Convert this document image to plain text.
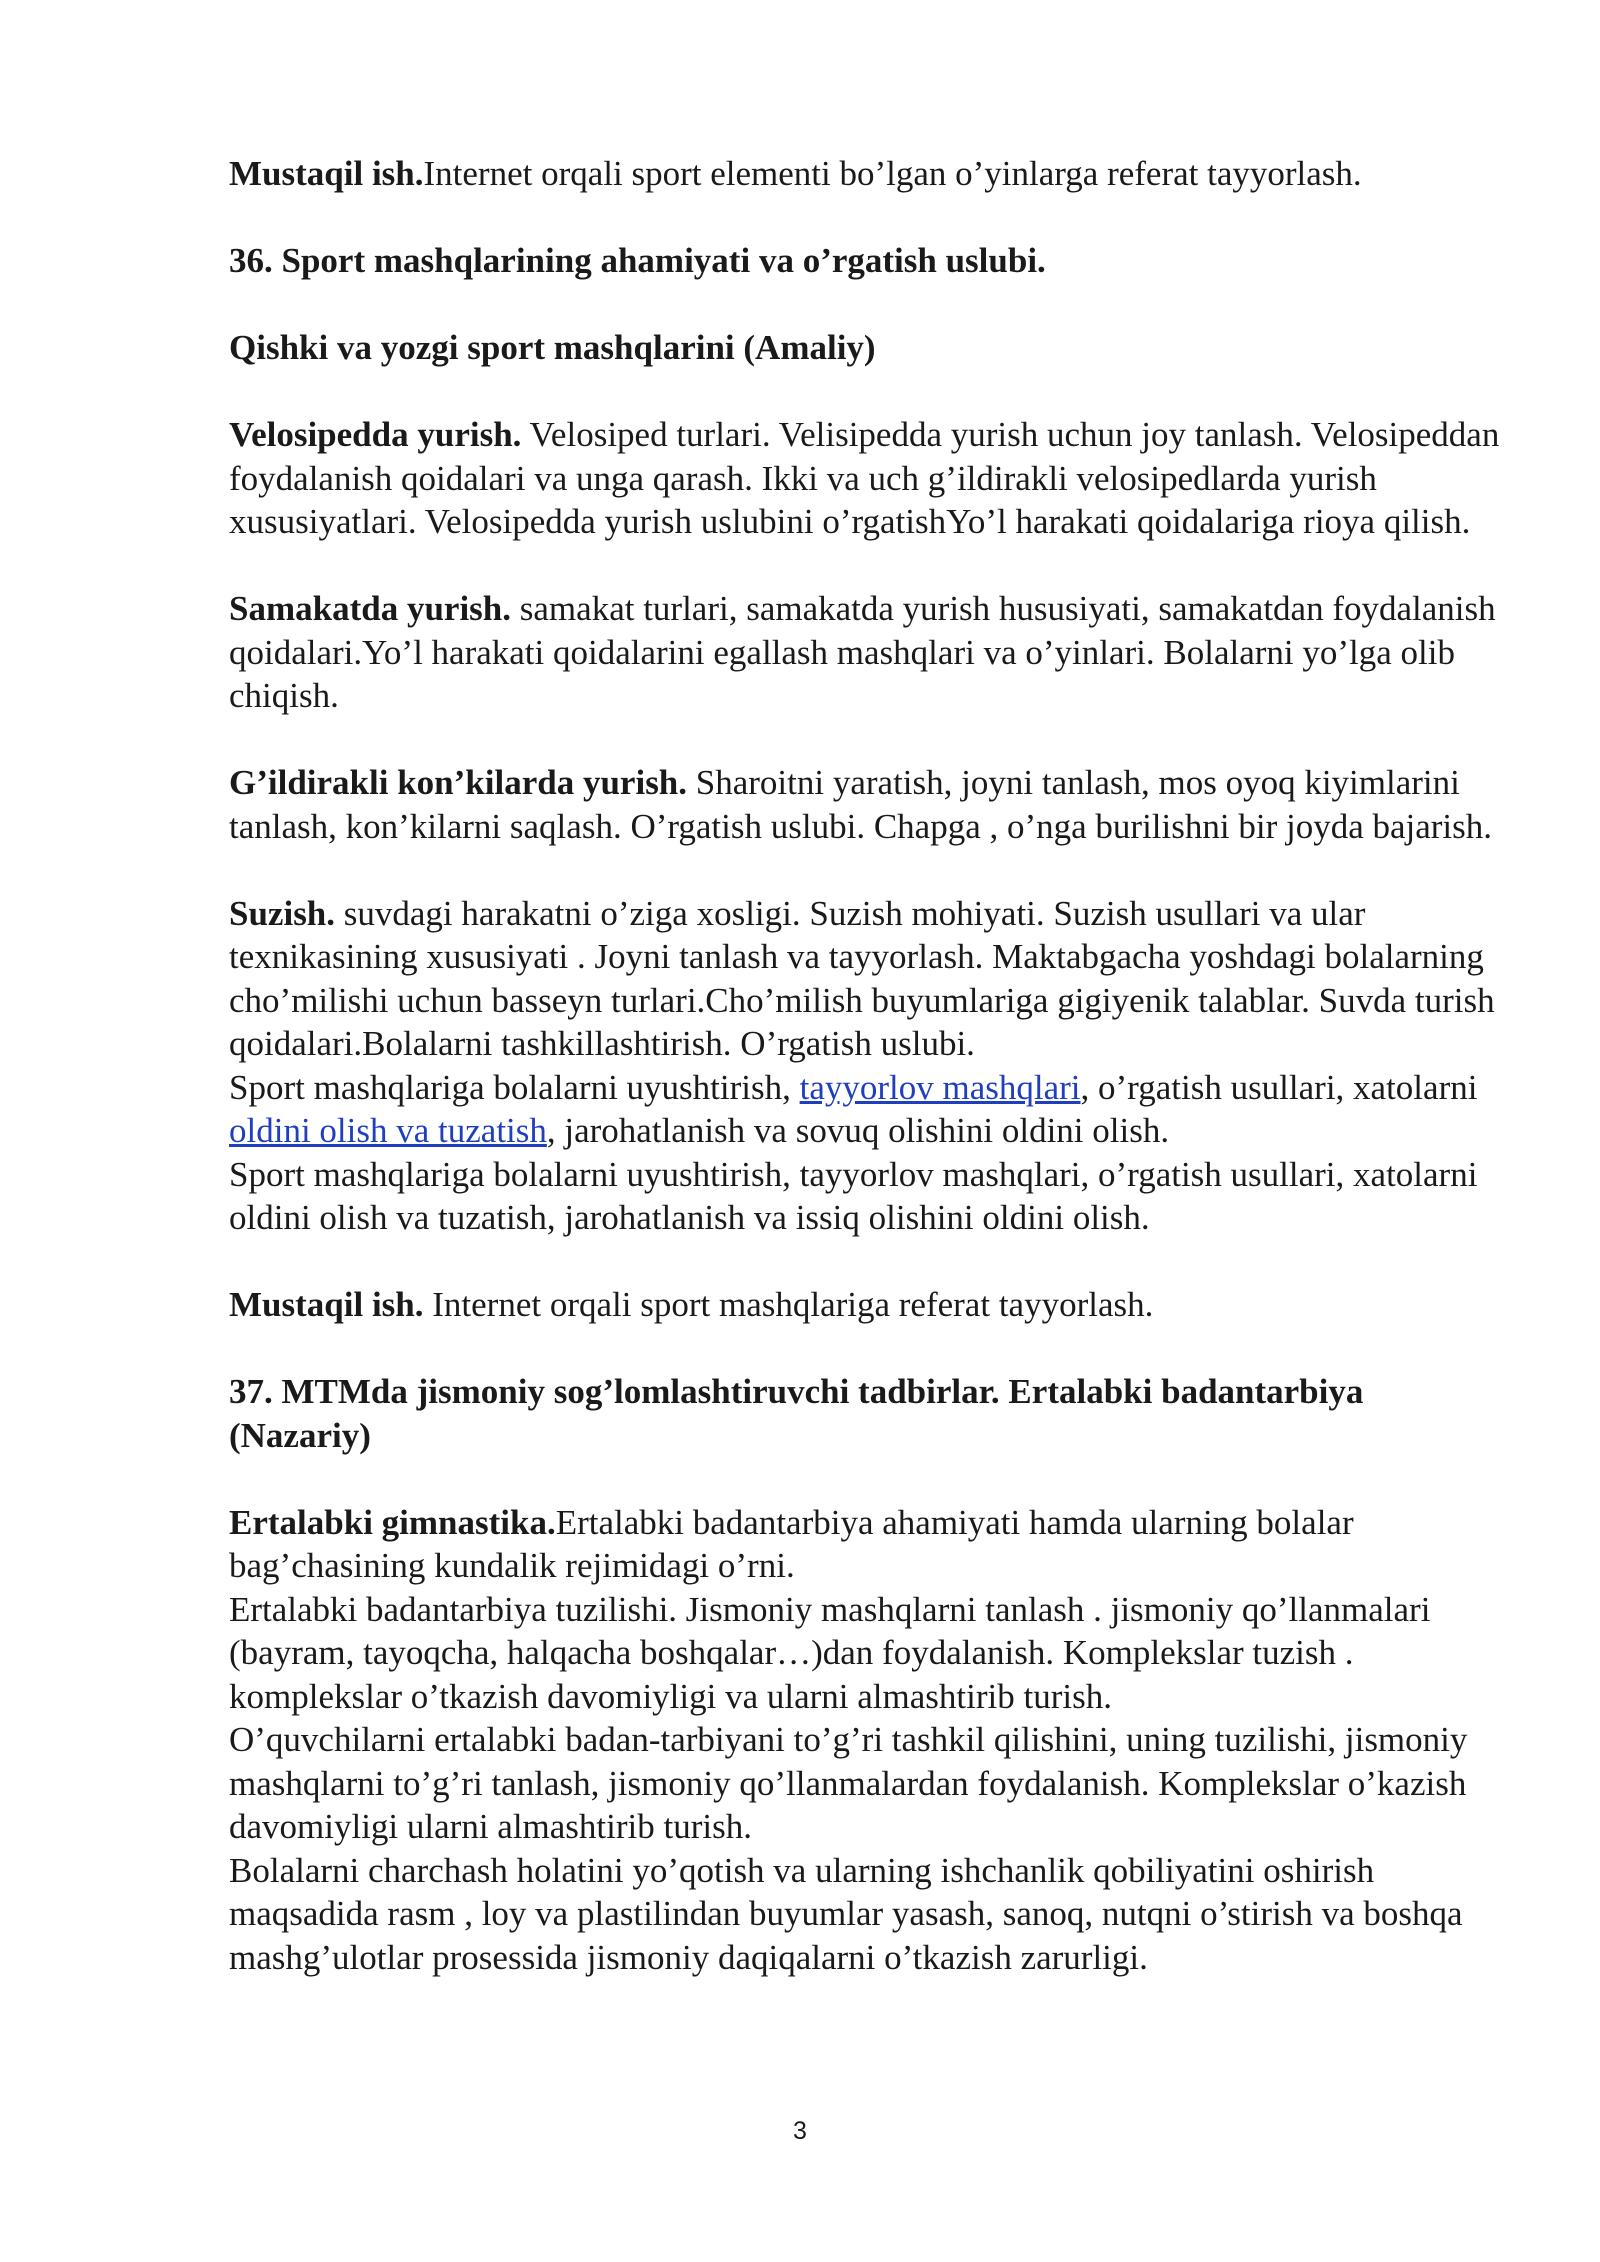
Mustaqil ish.Internet orqali sport elementi bo’lgan o’yinlarga referat tayyorlash.

36. Sport mashqlarining ahamiyati va o’rgatish uslubi.

Qishki va yozgi sport mashqlarini (Amaliy)

Velosipedda yurish. Velosiped turlari. Velisipedda yurish uchun joy tanlash. Velosipeddan foydalanish qoidalari va unga qarash. Ikki va uch g’ildirakli velosipedlarda yurish xususiyatlari. Velosipedda yurish uslubini o’rgatishYo’l harakati qoidalariga rioya qilish.

Samakatda yurish. samakat turlari, samakatda yurish hususiyati, samakatdan foydalanish qoidalari.Yo’l harakati qoidalarini egallash mashqlari va o’yinlari. Bolalarni yo’lga olib chiqish.

G’ildirakli kon’kilarda yurish. Sharoitni yaratish, joyni tanlash, mos oyoq kiyimlarini tanlash, kon’kilarni saqlash. O’rgatish uslubi. Chapga , o’nga burilishni bir joyda bajarish.

Suzish. suvdagi harakatni o’ziga xosligi. Suzish mohiyati. Suzish usullari va ular texnikasining xususiyati . Joyni tanlash va tayyorlash. Maktabgacha yoshdagi bolalarning cho’milishi uchun basseyn turlari.Cho’milish buyumlariga gigiyenik talablar. Suvda turish qoidalari.Bolalarni tashkillashtirish. O’rgatish uslubi.

Sport mashqlariga bolalarni uyushtirish, tayyorlov mashqlari, o’rgatish usullari, xatolarni oldini olish va tuzatish, jarohatlanish va sovuq olishini oldini olish.

Sport mashqlariga bolalarni uyushtirish, tayyorlov mashqlari, o’rgatish usullari, xatolarni oldini olish va tuzatish, jarohatlanish va issiq olishini oldini olish.

Mustaqil ish. Internet orqali sport mashqlariga referat tayyorlash.

37. MTMda jismoniy sog’lomlashtiruvchi tadbirlar. Ertalabki badantarbiya (Nazariy)

Ertalabki gimnastika.Ertalabki badantarbiya ahamiyati hamda ularning bolalar bag’chasining kundalik rejimidagi o’rni.

Ertalabki badantarbiya tuzilishi. Jismoniy mashqlarni tanlash . jismoniy qo’llanmalari (bayram, tayoqcha, halqacha boshqalar…)dan foydalanish. Komplekslar tuzish . komplekslar o’tkazish davomiyligi va ularni almashtirib turish.

O’quvchilarni ertalabki badan-tarbiyani to’g’ri tashkil qilishini, uning tuzilishi, jismoniy mashqlarni to’g’ri tanlash, jismoniy qo’llanmalardan foydalanish. Komplekslar o’kazish davomiyligi ularni almashtirib turish.

Bolalarni charchash holatini yo’qotish va ularning ishchanlik qobiliyatini oshirish maqsadida rasm , loy va plastilindan buyumlar yasash, sanoq, nutqni o’stirish va boshqa mashg’ulotlar prosessida jismoniy daqiqalarni o’tkazish zarurligi.

3
